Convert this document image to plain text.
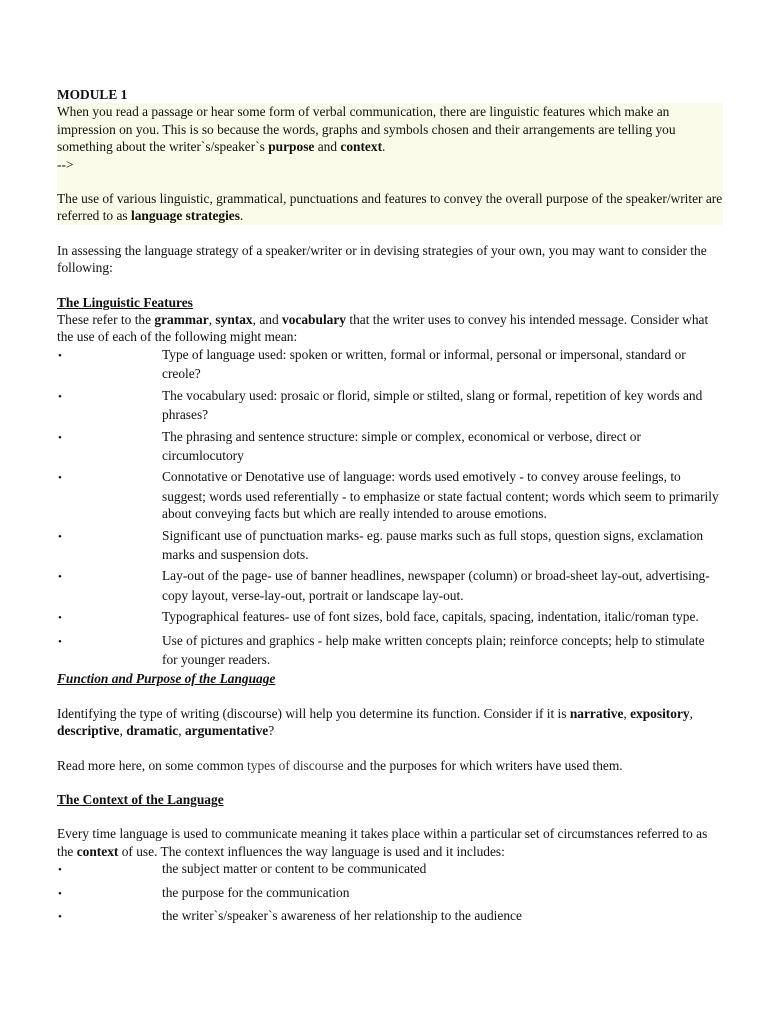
MODULE 1

When you read a passage or hear some form of verbal communication, there are linguistic features which make an impression on you. This is so because the words, graphs and symbols chosen and their arrangements are telling you something about the writer`s/speaker`s purpose and context.

-->

The use of various linguistic, grammatical, punctuations and features to convey the overall purpose of the speaker/writer are referred to as language strategies.

In assessing the language strategy of a speaker/writer or in devising strategies of your own, you may want to consider the following:

The Linguistic Features

These refer to the grammar, syntax, and vocabulary that the writer uses to convey his intended message. Consider what the use of each of the following might mean:

•Type of language used: spoken or written, formal or informal, personal or impersonal, standard or creole?
•The vocabulary used: prosaic or florid, simple or stilted, slang or formal, repetition of key words and phrases?
•The phrasing and sentence structure: simple or complex, economical or verbose, direct or circumlocutory
•Connotative or Denotative use of language: words used emotively - to convey arouse feelings, to suggest; words used referentially - to emphasize or state factual content; words which seem to primarily about conveying facts but which are really intended to arouse emotions.
•Significant use of punctuation marks- eg. pause marks such as full stops, question signs, exclamation marks and suspension dots.
•Lay-out of the page- use of banner headlines, newspaper (column) or broad-sheet lay-out, advertising-copy layout, verse-lay-out, portrait or landscape lay-out.
•Typographical features- use of font sizes, bold face, capitals, spacing, indentation, italic/roman type.
•Use of pictures and graphics - help make written concepts plain; reinforce concepts; help to stimulate for younger readers.

Function and Purpose of the Language

Identifying the type of writing (discourse) will help you determine its function. Consider if it is narrative, expository, descriptive, dramatic, argumentative?

Read more here, on some common types of discourse and the purposes for which writers have used them.

The Context of the Language

Every time language is used to communicate meaning it takes place within a particular set of circumstances referred to as the context of use. The context influences the way language is used and it includes:

•the subject matter or content to be communicated
•the purpose for the communication
•the writer`s/speaker`s awareness of her relationship to the audience
